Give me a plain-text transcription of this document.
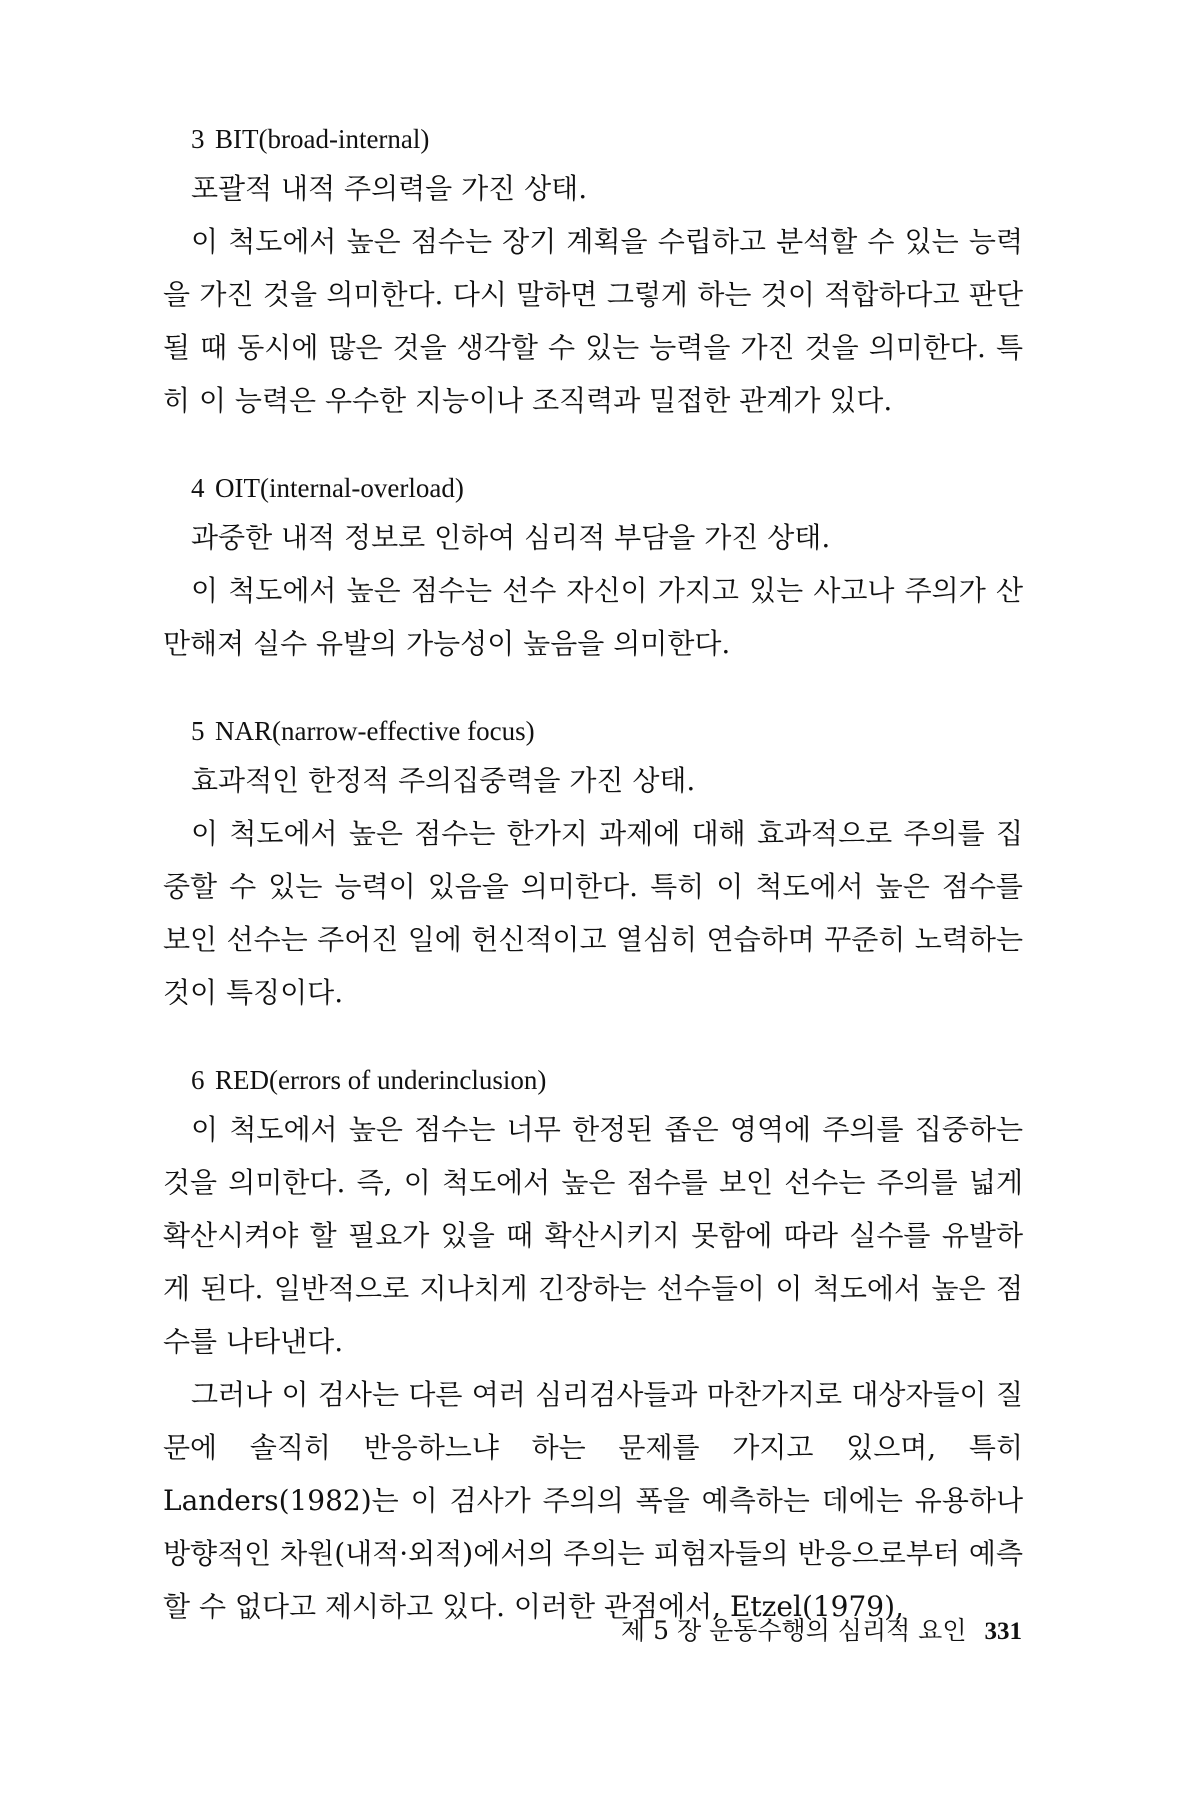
3 BIT(broad-internal)

포괄적 내적 주의력을 가진 상태.

이 척도에서 높은 점수는 장기 계획을 수립하고 분석할 수 있는 능력을 가진 것을 의미한다. 다시 말하면 그렇게 하는 것이 적합하다고 판단될 때 동시에 많은 것을 생각할 수 있는 능력을 가진 것을 의미한다. 특히 이 능력은 우수한 지능이나 조직력과 밀접한 관계가 있다.

4 OIT(internal-overload)

과중한 내적 정보로 인하여 심리적 부담을 가진 상태.

이 척도에서 높은 점수는 선수 자신이 가지고 있는 사고나 주의가 산만해져 실수 유발의 가능성이 높음을 의미한다.

5 NAR(narrow-effective focus)

효과적인 한정적 주의집중력을 가진 상태.

이 척도에서 높은 점수는 한가지 과제에 대해 효과적으로 주의를 집중할 수 있는 능력이 있음을 의미한다. 특히 이 척도에서 높은 점수를 보인 선수는 주어진 일에 헌신적이고 열심히 연습하며 꾸준히 노력하는 것이 특징이다.

6 RED(errors of underinclusion)

이 척도에서 높은 점수는 너무 한정된 좁은 영역에 주의를 집중하는 것을 의미한다. 즉, 이 척도에서 높은 점수를 보인 선수는 주의를 넓게 확산시켜야 할 필요가 있을 때 확산시키지 못함에 따라 실수를 유발하게 된다. 일반적으로 지나치게 긴장하는 선수들이 이 척도에서 높은 점수를 나타낸다.

그러나 이 검사는 다른 여러 심리검사들과 마찬가지로 대상자들이 질문에 솔직히 반응하느냐 하는 문제를 가지고 있으며, 특히 Landers(1982)는 이 검사가 주의의 폭을 예측하는 데에는 유용하나 방향적인 차원(내적·외적)에서의 주의는 피험자들의 반응으로부터 예측할 수 없다고 제시하고 있다. 이러한 관점에서, Etzel(1979),

제 5 장 운동수행의 심리적 요인 331
